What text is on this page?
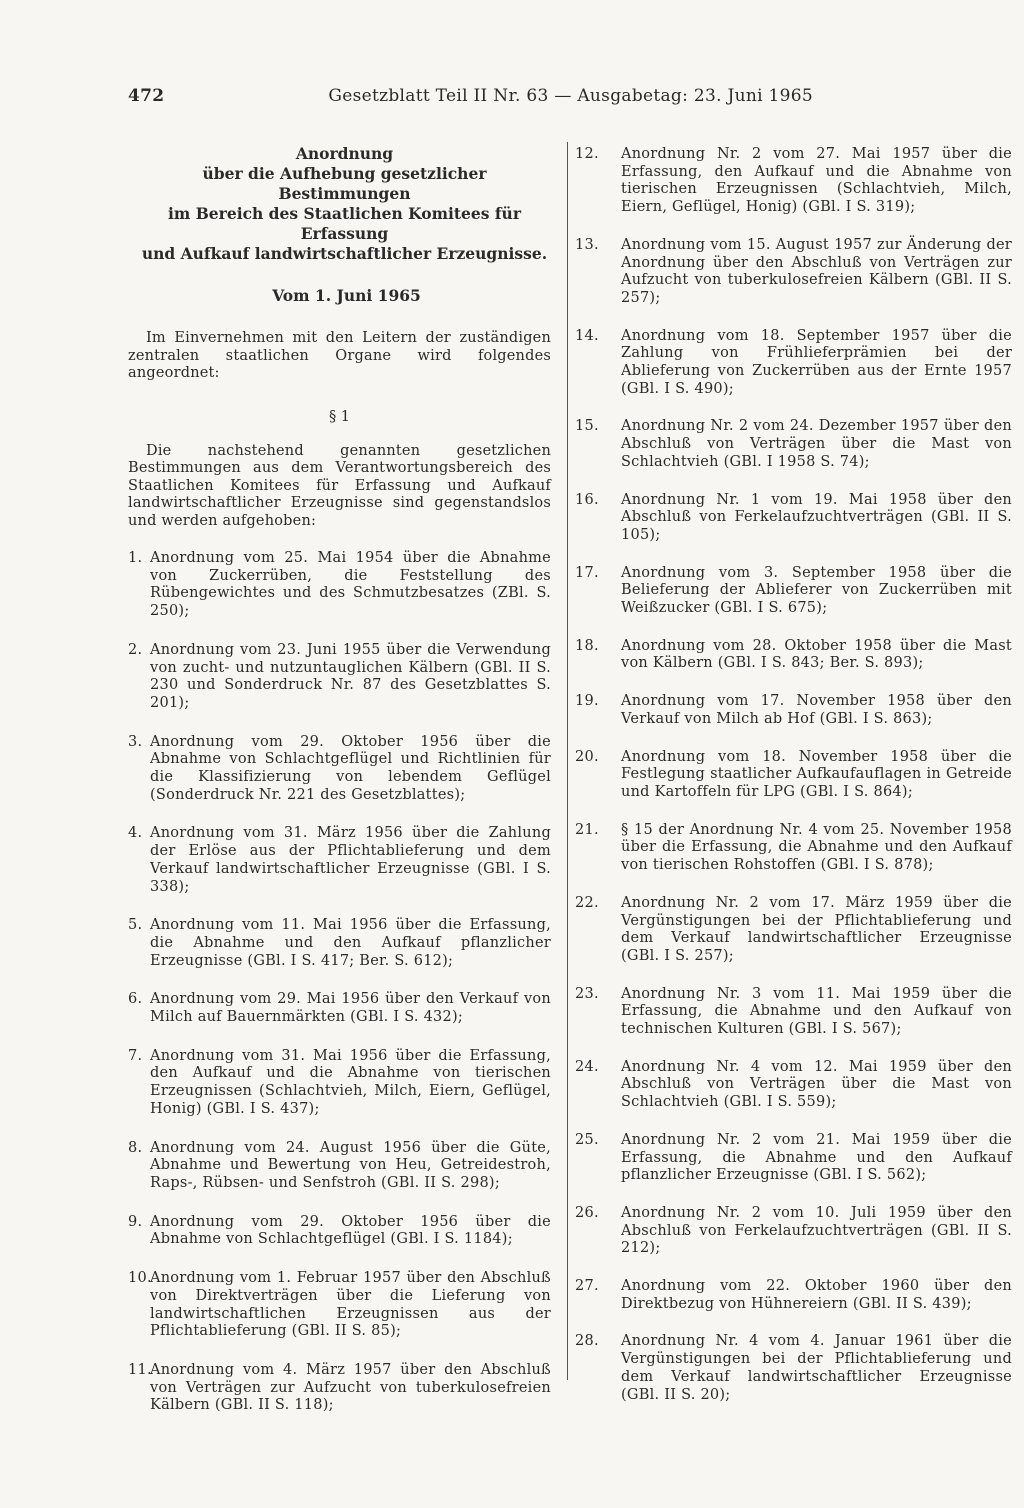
472	Gesetzblatt Teil II Nr. 63 — Ausgabetag: 23. Juni 1965
Anordnung
über die Aufhebung gesetzlicher Bestimmungen
im Bereich des Staatlichen Komitees für Erfassung
und Aufkauf landwirtschaftlicher Erzeugnisse.
Vom 1. Juni 1965
Im Einvernehmen mit den Leitern der zuständigen zentralen staatlichen Organe wird folgendes angeordnet:
§ 1
Die nachstehend genannten gesetzlichen Bestimmungen aus dem Verantwortungsbereich des Staatlichen Komitees für Erfassung und Aufkauf landwirtschaftlicher Erzeugnisse sind gegenstandslos und werden aufgehoben:
1. Anordnung vom 25. Mai 1954 über die Abnahme von Zuckerrüben, die Feststellung des Rübengewichtes und des Schmutzbesatzes (ZBl. S. 250);
2. Anordnung vom 23. Juni 1955 über die Verwendung von zucht- und nutzuntauglichen Kälbern (GBl. II S. 230 und Sonderdruck Nr. 87 des Gesetzblattes S. 201);
3. Anordnung vom 29. Oktober 1956 über die Abnahme von Schlachtgeflügel und Richtlinien für die Klassifizierung von lebendem Geflügel (Sonderdruck Nr. 221 des Gesetzblattes);
4. Anordnung vom 31. März 1956 über die Zahlung der Erlöse aus der Pflichtablieferung und dem Verkauf landwirtschaftlicher Erzeugnisse (GBl. I S. 338);
5. Anordnung vom 11. Mai 1956 über die Erfassung, die Abnahme und den Aufkauf pflanzlicher Erzeugnisse (GBl. I S. 417; Ber. S. 612);
6. Anordnung vom 29. Mai 1956 über den Verkauf von Milch auf Bauernmärkten (GBl. I S. 432);
7. Anordnung vom 31. Mai 1956 über die Erfassung, den Aufkauf und die Abnahme von tierischen Erzeugnissen (Schlachtvieh, Milch, Eiern, Geflügel, Honig) (GBl. I S. 437);
8. Anordnung vom 24. August 1956 über die Güte, Abnahme und Bewertung von Heu, Getreidestroh, Raps-, Rübsen- und Senfstroh (GBl. II S. 298);
9. Anordnung vom 29. Oktober 1956 über die Abnahme von Schlachtgeflügel (GBl. I S. 1184);
10.
Anordnung vom 1. Februar 1957 über den Abschluß von Direktverträgen über die Lieferung von landwirtschaftlichen Erzeugnissen aus der Pflichtablieferung (GBl. II S. 85);
11.
Anordnung vom 4. März 1957 über den Abschluß von Verträgen zur Aufzucht von tuberkulosefreien Kälbern (GBl. II S. 118);
12. Anordnung Nr. 2 vom 27. Mai 1957 über die Erfassung, den Aufkauf und die Abnahme von tierischen Erzeugnissen (Schlachtvieh, Milch, Eiern, Geflügel, Honig) (GBl. I S. 319);
13. Anordnung vom 15. August 1957 zur Änderung der Anordnung über den Abschluß von Verträgen zur Aufzucht von tuberkulosefreien Kälbern (GBl. II S. 257);
14. Anordnung vom 18. September 1957 über die Zahlung von Frühlieferprämien bei der Ablieferung von Zuckerrüben aus der Ernte 1957 (GBl. I S. 490);
15. Anordnung Nr. 2 vom 24. Dezember 1957 über den Abschluß von Verträgen über die Mast von Schlachtvieh (GBl. I 1958 S. 74);
16. Anordnung Nr. 1 vom 19. Mai 1958 über den Abschluß von Ferkelaufzuchtverträgen (GBl. II S. 105);
17. Anordnung vom 3. September 1958 über die Belieferung der Ablieferer von Zuckerrüben mit Weißzucker (GBl. I S. 675);
18. Anordnung vom 28. Oktober 1958 über die Mast von Kälbern (GBl. I S. 843; Ber. S. 893);
19. Anordnung vom 17. November 1958 über den Verkauf von Milch ab Hof (GBl. I S. 863);
20. Anordnung vom 18. November 1958 über die Festlegung staatlicher Aufkaufauflagen in Getreide und Kartoffeln für LPG (GBl. I S. 864);
21. § 15 der Anordnung Nr. 4 vom 25. November 1958 über die Erfassung, die Abnahme und den Aufkauf von tierischen Rohstoffen (GBl. I S. 878);
22. Anordnung Nr. 2 vom 17. März 1959 über die Vergünstigungen bei der Pflichtablieferung und dem Verkauf landwirtschaftlicher Erzeugnisse (GBl. I S. 257);
23. Anordnung Nr. 3 vom 11. Mai 1959 über die Erfassung, die Abnahme und den Aufkauf von technischen Kulturen (GBl. I S. 567);
24. Anordnung Nr. 4 vom 12. Mai 1959 über den Abschluß von Verträgen über die Mast von Schlachtvieh (GBl. I S. 559);
25. Anordnung Nr. 2 vom 21. Mai 1959 über die Erfassung, die Abnahme und den Aufkauf pflanzlicher Erzeugnisse (GBl. I S. 562);
26. Anordnung Nr. 2 vom 10. Juli 1959 über den Abschluß von Ferkelaufzuchtverträgen (GBl. II S. 212);
27. Anordnung vom 22. Oktober 1960 über den Direktbezug von Hühnereiern (GBl. II S. 439);
28. Anordnung Nr. 4 vom 4. Januar 1961 über die Vergünstigungen bei der Pflichtablieferung und dem Verkauf landwirtschaftlicher Erzeugnisse (GBl. II S. 20);
